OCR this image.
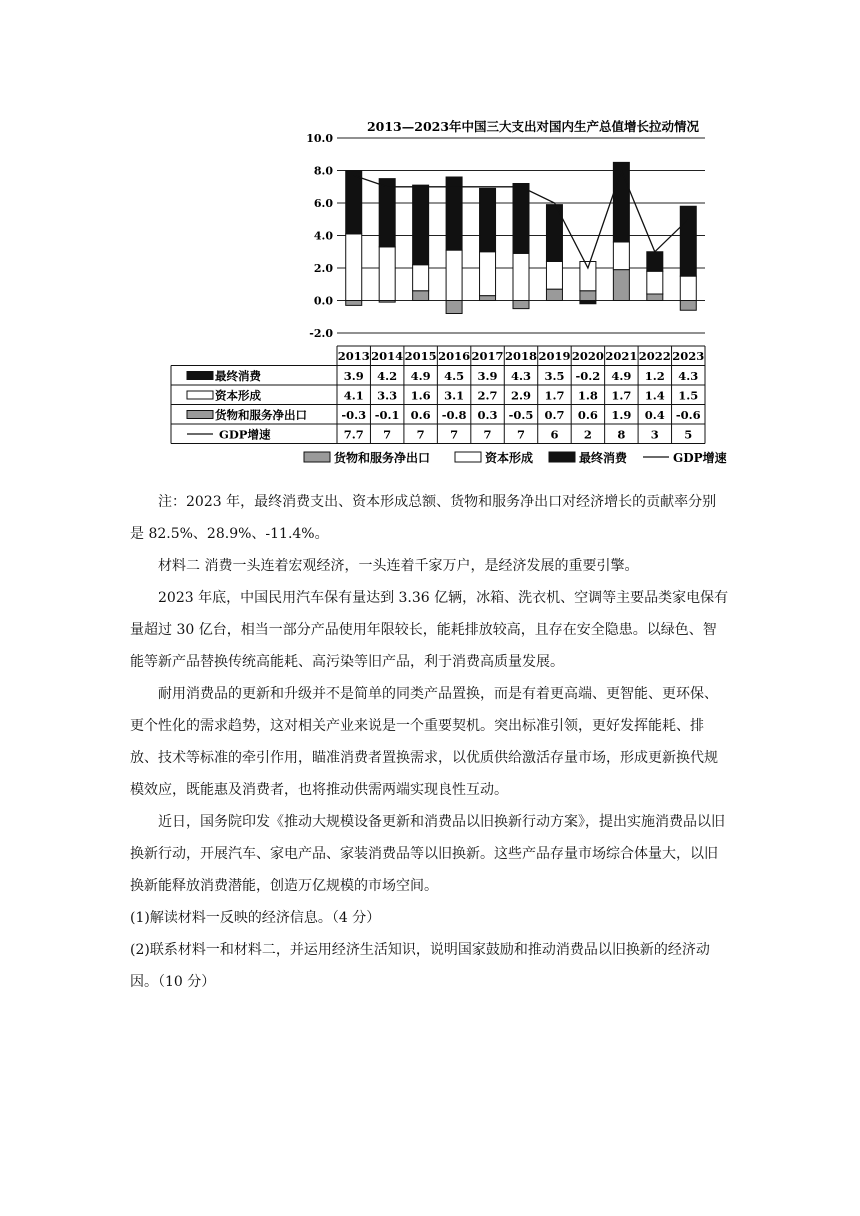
2013—2023年中国三大支出对国内生产总值增长拉动情况
10.0
8.0
6.0
4.0
2.0
0.0
-2.0
2013 2014 2015 2016 2017 2018 2019 2020 2021 2022 2023
最终消费	3.9 4.2 4.9 4.5 3.9 4.3 3.5 -0.2 4.9 1.2 4.3
资本形成	4.1 3.3 1.6 3.1 2.7 2.9 1.7 1.8 1.7 1.4 1.5
货物和服务净出口	-0.3 -0.1 0.6 -0.8 0.3 -0.5 0.7 0.6 1.9 0.4 -0.6
GDP增速	7.7 7 7 7 7 7 6 2 8 3 5
货物和服务净出口	资本形成	最终消费	GDP增速

注：2023 年，最终消费支出、资本形成总额、货物和服务净出口对经济增长的贡献率分别是 82.5%、28.9%、-11.4%。

材料二 消费一头连着宏观经济，一头连着千家万户，是经济发展的重要引擎。

2023 年底，中国民用汽车保有量达到 3.36 亿辆，冰箱、洗衣机、空调等主要品类家电保有量超过 30 亿台，相当一部分产品使用年限较长，能耗排放较高，且存在安全隐患。以绿色、智能等新产品替换传统高能耗、高污染等旧产品，利于消费高质量发展。

耐用消费品的更新和升级并不是简单的同类产品置换，而是有着更高端、更智能、更环保、更个性化的需求趋势，这对相关产业来说是一个重要契机。突出标准引领，更好发挥能耗、排放、技术等标准的牵引作用，瞄准消费者置换需求，以优质供给激活存量市场，形成更新换代规模效应，既能惠及消费者，也将推动供需两端实现良性互动。

近日，国务院印发《推动大规模设备更新和消费品以旧换新行动方案》，提出实施消费品以旧换新行动，开展汽车、家电产品、家装消费品等以旧换新。这些产品存量市场综合体量大，以旧换新能释放消费潜能，创造万亿规模的市场空间。

(1)解读材料一反映的经济信息。（4 分）

(2)联系材料一和材料二，并运用经济生活知识，说明国家鼓励和推动消费品以旧换新的经济动因。（10 分）
